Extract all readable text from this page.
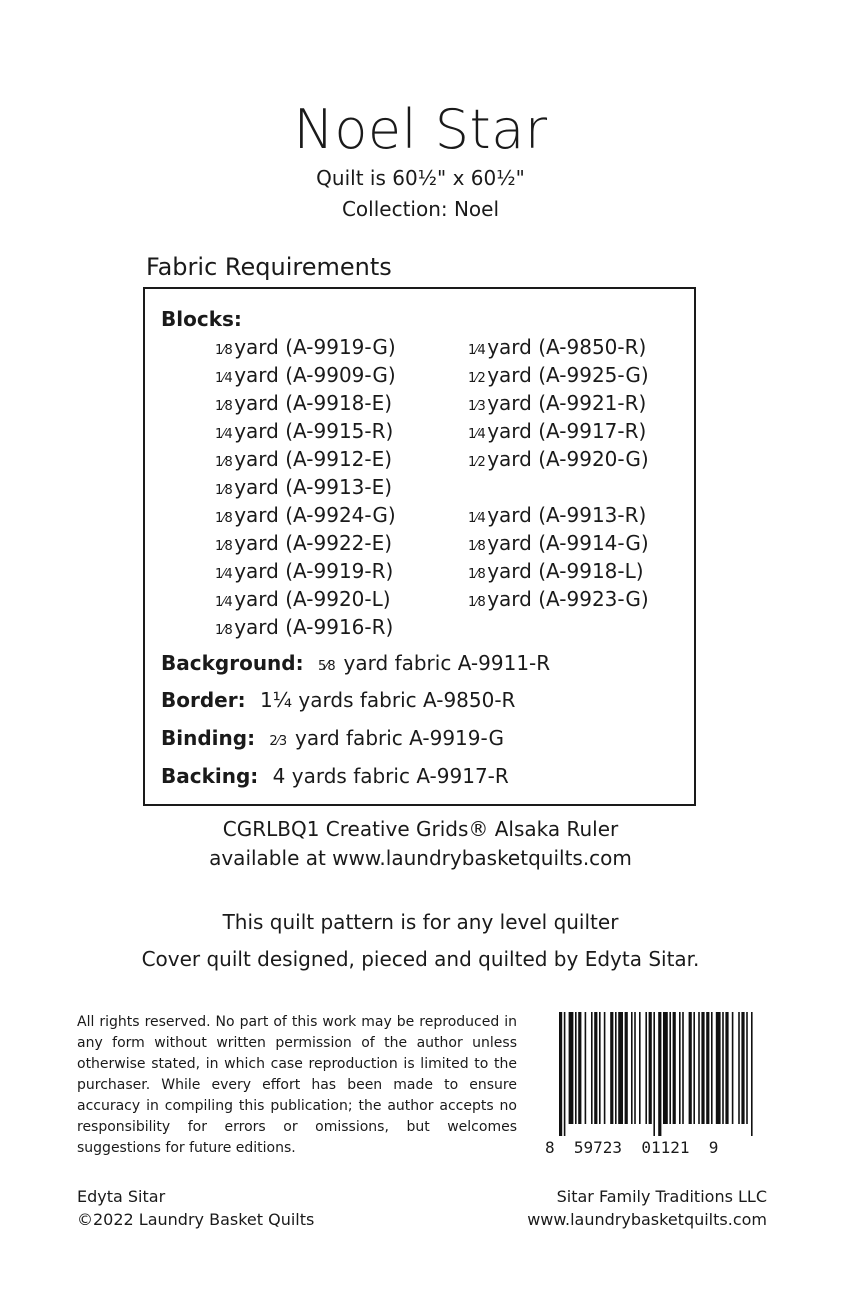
Noel Star
Quilt is 60½" x 60½"
Collection: Noel
Fabric Requirements
Blocks:
1⁄8 yard (A-9919-G)
1⁄4 yard (A-9909-G)
1⁄8 yard (A-9918-E)
1⁄4 yard (A-9915-R)
1⁄8 yard (A-9912-E)
1⁄8 yard (A-9913-E)
1⁄8 yard (A-9924-G)
1⁄8 yard (A-9922-E)
1⁄4 yard (A-9919-R)
1⁄4 yard (A-9920-L)
1⁄8 yard (A-9916-R)
1⁄4 yard (A-9850-R)
1⁄2 yard (A-9925-G)
1⁄3 yard (A-9921-R)
1⁄4 yard (A-9917-R)
1⁄2 yard (A-9920-G)
1⁄4 yard (A-9913-R)
1⁄8 yard (A-9914-G)
1⁄8 yard (A-9918-L)
1⁄8 yard (A-9923-G)
Background: 5⁄8 yard fabric A-9911-R
Border: 1¼ yards fabric A-9850-R
Binding: 2⁄3 yard fabric A-9919-G
Backing: 4 yards fabric A-9917-R
CGRLBQ1 Creative Grids® Alsaka Ruler
available at www.laundrybasketquilts.com
This quilt pattern is for any level quilter
Cover quilt designed, pieced and quilted by Edyta Sitar.
All rights reserved. No part of this work may be reproduced in any form without written permission of the author unless otherwise stated, in which case reproduction is limited to the purchaser. While every effort has been made to ensure accuracy in compiling this publication; the author accepts no responsibility for errors or omissions, but welcomes suggestions for future editions.	8  59723  01121  9
Edyta Sitar
©2022 Laundry Basket Quilts
Sitar Family Traditions LLC
www.laundrybasketquilts.com
